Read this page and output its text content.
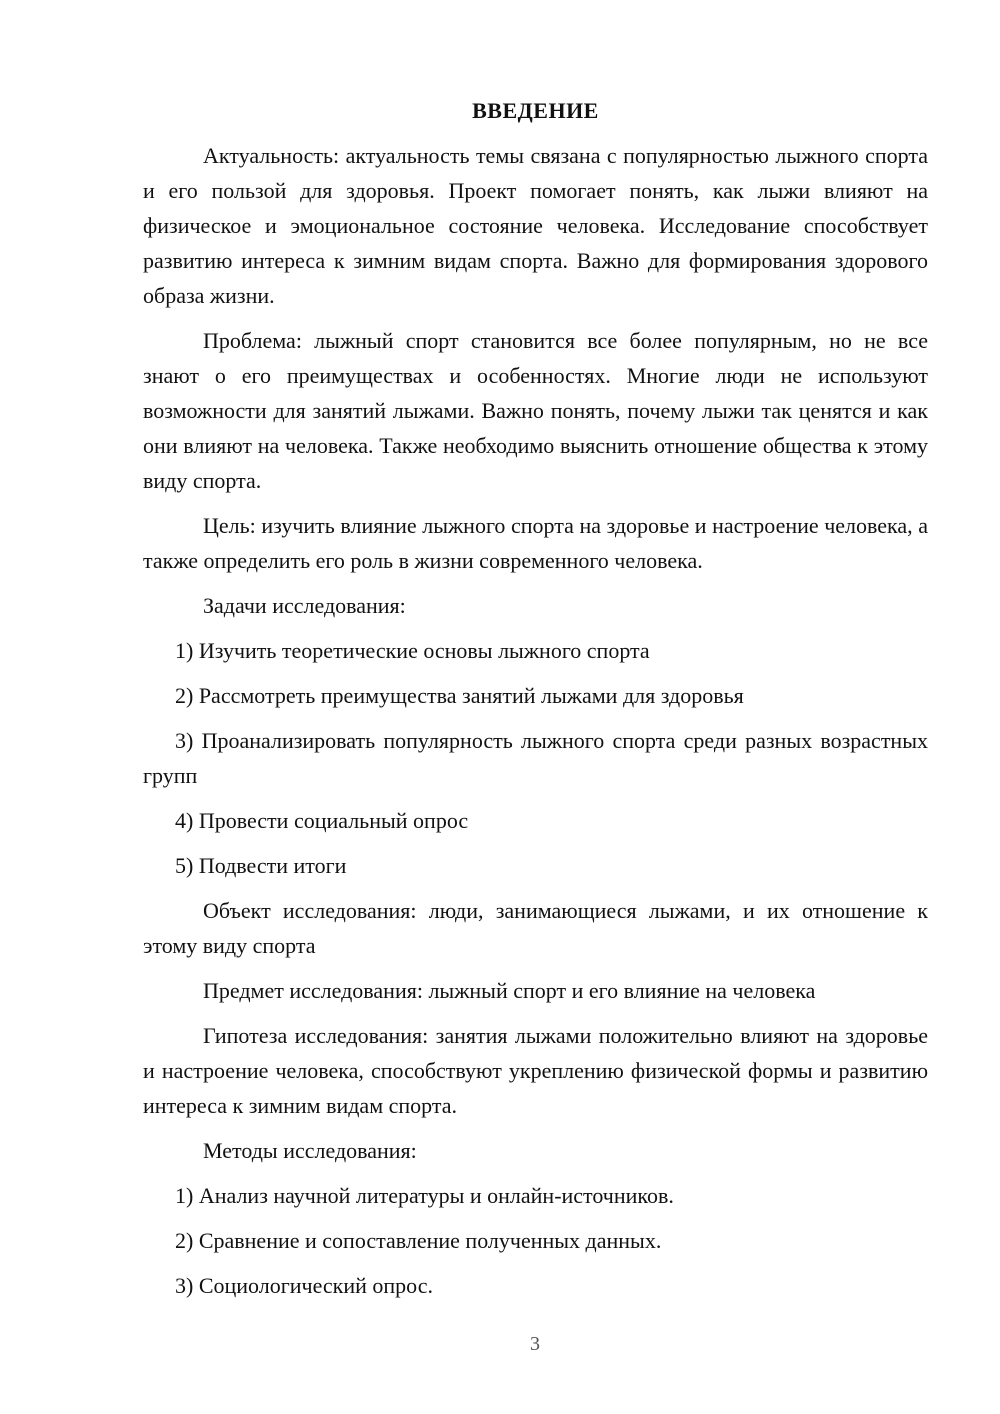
ВВЕДЕНИЕ

Актуальность: актуальность темы связана с популярностью лыжного спорта и его пользой для здоровья. Проект помогает понять, как лыжи влияют на физическое и эмоциональное состояние человека. Исследование способствует развитию интереса к зимним видам спорта. Важно для формирования здорового образа жизни.

Проблема: лыжный спорт становится все более популярным, но не все знают о его преимуществах и особенностях. Многие люди не используют возможности для занятий лыжами. Важно понять, почему лыжи так ценятся и как они влияют на человека. Также необходимо выяснить отношение общества к этому виду спорта.

Цель: изучить влияние лыжного спорта на здоровье и настроение человека, а также определить его роль в жизни современного человека.

Задачи исследования:

1) Изучить теоретические основы лыжного спорта

2) Рассмотреть преимущества занятий лыжами для здоровья

3) Проанализировать популярность лыжного спорта среди разных возрастных групп

4) Провести социальный опрос

5) Подвести итоги

Объект исследования: люди, занимающиеся лыжами, и их отношение к этому виду спорта

Предмет исследования: лыжный спорт и его влияние на человека

Гипотеза исследования: занятия лыжами положительно влияют на здоровье и настроение человека, способствуют укреплению физической формы и развитию интереса к зимним видам спорта.

Методы исследования:

1) Анализ научной литературы и онлайн-источников.

2) Сравнение и сопоставление полученных данных.

3) Социологический опрос.

3
